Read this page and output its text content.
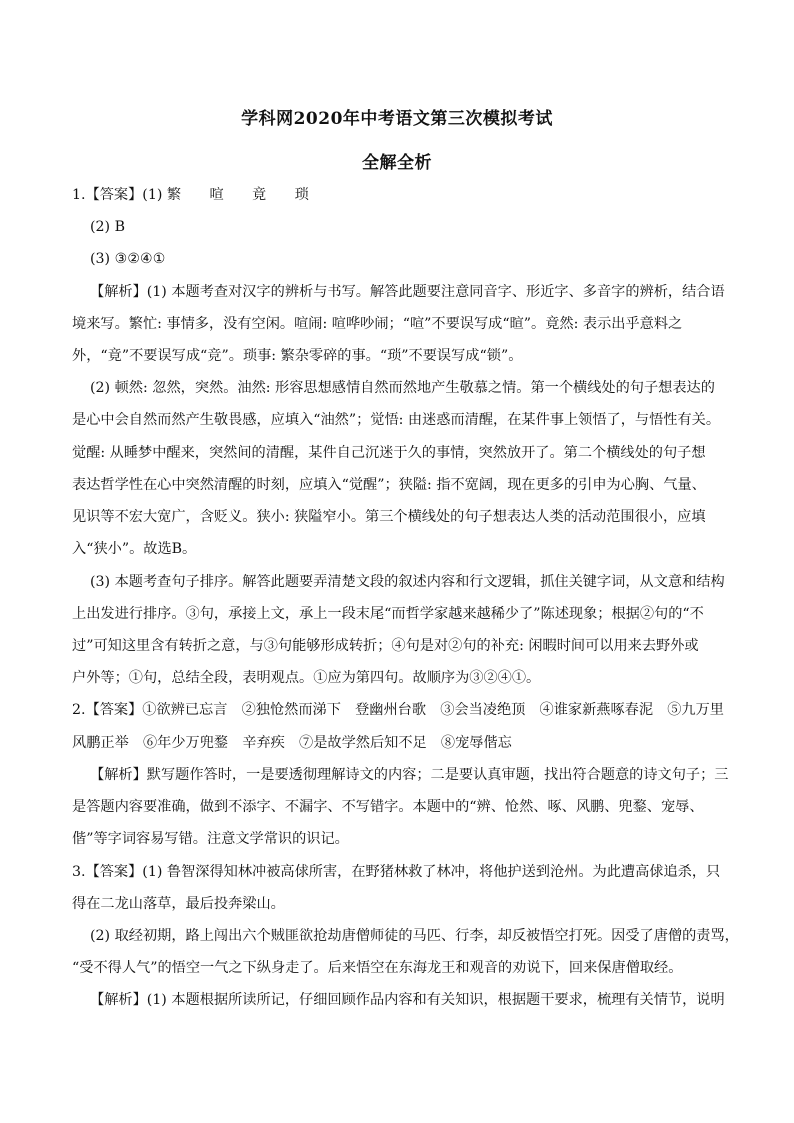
学科网2020年中考语文第三次模拟考试
全解全析
1.【答案】(1) 繁　　喧　　竟　　琐
(2) B
(3) ③②④①
【解析】(1) 本题考查对汉字的辨析与书写。解答此题要注意同音字、形近字、多音字的辨析，结合语
境来写。繁忙: 事情多，没有空闲。喧闹: 喧哗吵闹；“喧”不要误写成“暄”。竟然: 表示出乎意料之
外，“竟”不要误写成“竞”。琐事: 繁杂零碎的事。“琐”不要误写成“锁”。
(2) 顿然: 忽然，突然。油然: 形容思想感情自然而然地产生敬慕之情。第一个横线处的句子想表达的
是心中会自然而然产生敬畏感，应填入“油然”；觉悟: 由迷惑而清醒，在某件事上领悟了，与悟性有关。
觉醒: 从睡梦中醒来，突然间的清醒，某件自己沉迷于久的事情，突然放开了。第二个横线处的句子想
表达哲学性在心中突然清醒的时刻，应填入“觉醒”；狭隘: 指不宽阔，现在更多的引申为心胸、气量、
见识等不宏大宽广，含贬义。狭小: 狭隘窄小。第三个横线处的句子想表达人类的活动范围很小，应填
入“狭小”。故选B。
(3) 本题考查句子排序。解答此题要弄清楚文段的叙述内容和行文逻辑，抓住关键字词，从文意和结构
上出发进行排序。③句，承接上文，承上一段末尾“而哲学家越来越稀少了”陈述现象；根据②句的“不
过”可知这里含有转折之意，与③句能够形成转折；④句是对②句的补充: 闲暇时间可以用来去野外或
户外等；①句，总结全段，表明观点。①应为第四句。故顺序为③②④①。
2.【答案】①欲辨已忘言　②独怆然而涕下　登幽州台歌　③会当凌绝顶　④谁家新燕啄春泥　⑤九万里
风鹏正举　⑥年少万兜鍪　辛弃疾　⑦是故学然后知不足　⑧宠辱偕忘
【解析】默写题作答时，一是要透彻理解诗文的内容；二是要认真审题，找出符合题意的诗文句子；三
是答题内容要准确，做到不添字、不漏字、不写错字。本题中的“辨、怆然、啄、风鹏、兜鍪、宠辱、
偕”等字词容易写错。注意文学常识的识记。
3.【答案】(1) 鲁智深得知林冲被高俅所害，在野猪林救了林冲，将他护送到沧州。为此遭高俅追杀，只
得在二龙山落草，最后投奔梁山。
(2) 取经初期，路上闯出六个贼匪欲抢劫唐僧师徒的马匹、行李，却反被悟空打死。因受了唐僧的责骂，
“受不得人气”的悟空一气之下纵身走了。后来悟空在东海龙王和观音的劝说下，回来保唐僧取经。
【解析】(1) 本题根据所读所记，仔细回顾作品内容和有关知识，根据题干要求，梳理有关情节，说明
